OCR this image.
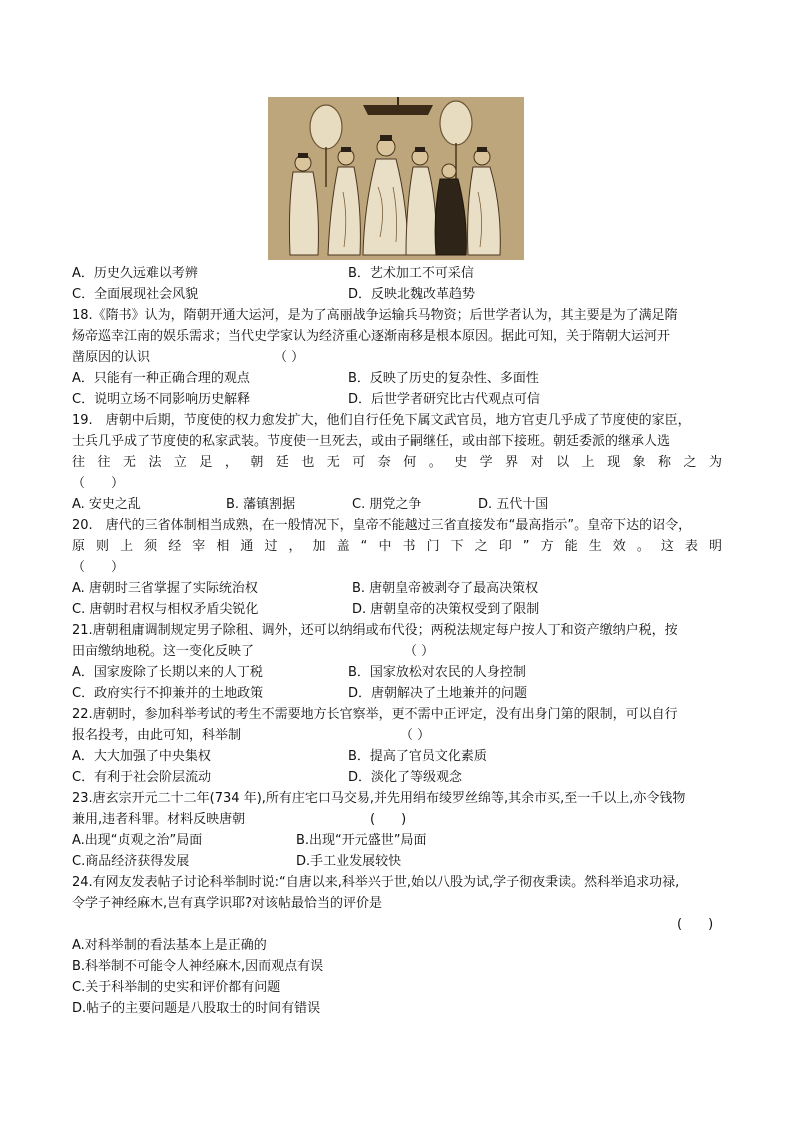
A．历史久远难以考辨	B．艺术加工不可采信
C．全面展现社会风貌	D．反映北魏改革趋势
18.《隋书》认为，隋朝开通大运河，是为了高丽战争运输兵马物资；后世学者认为，其主要是为了满足隋
炀帝巡幸江南的娱乐需求；当代史学家认为经济重心逐渐南移是根本原因。据此可知，关于隋朝大运河开
凿原因的认识	（ ）
A．只能有一种正确合理的观点	B．反映了历史的复杂性、多面性
C．说明立场不同影响历史解释	D．后世学者研究比古代观点可信
19.　唐朝中后期，节度使的权力愈发扩大，他们自行任免下属文武官员，地方官吏几乎成了节度使的家臣，
士兵几乎成了节度使的私家武装。节度使一旦死去，或由子嗣继任，或由部下接班。朝廷委派的继承人选
往往无法立足，朝廷也无可奈何。史学界对以上现象称之为
（　　）
A. 安史之乱	B. 藩镇割据	C. 朋党之争	D. 五代十国
20.　唐代的三省体制相当成熟，在一般情况下，皇帝不能越过三省直接发布“最高指示”。皇帝下达的诏令，
原则上须经宰相通过，加盖“中书门下之印”方能生效。这表明
（　　）
A. 唐朝时三省掌握了实际统治权	B. 唐朝皇帝被剥夺了最高决策权
C. 唐朝时君权与相权矛盾尖锐化	D. 唐朝皇帝的决策权受到了限制
21.唐朝租庸调制规定男子除租、调外，还可以纳绢或布代役；两税法规定每户按人丁和资产缴纳户税，按
田亩缴纳地税。这一变化反映了	（ ）
A．国家废除了长期以来的人丁税	B．国家放松对农民的人身控制
C．政府实行不抑兼并的土地政策	D．唐朝解决了土地兼并的问题
22.唐朝时，参加科举考试的考生不需要地方长官察举，更不需中正评定，没有出身门第的限制，可以自行
报名投考，由此可知，科举制	（ ）
A．大大加强了中央集权	B．提高了官员文化素质
C．有利于社会阶层流动	D．淡化了等级观念
23.唐玄宗开元二十二年(734 年),所有庄宅口马交易,并先用绢布绫罗丝绵等,其余市买,至一千以上,亦令钱物
兼用,违者科罪。材料反映唐朝	(　　)
A.出现“贞观之治”局面	B.出现“开元盛世”局面
C.商品经济获得发展	D.手工业发展较快
24.有网友发表帖子讨论科举制时说:“自唐以来,科举兴于世,始以八股为试,学子彻夜秉读。然科举追求功禄,
令学子神经麻木,岂有真学识耶?对该帖最恰当的评价是
(　　)
A.对科举制的看法基本上是正确的
B.科举制不可能令人神经麻木,因而观点有误
C.关于科举制的史实和评价都有问题
D.帖子的主要问题是八股取士的时间有错误
